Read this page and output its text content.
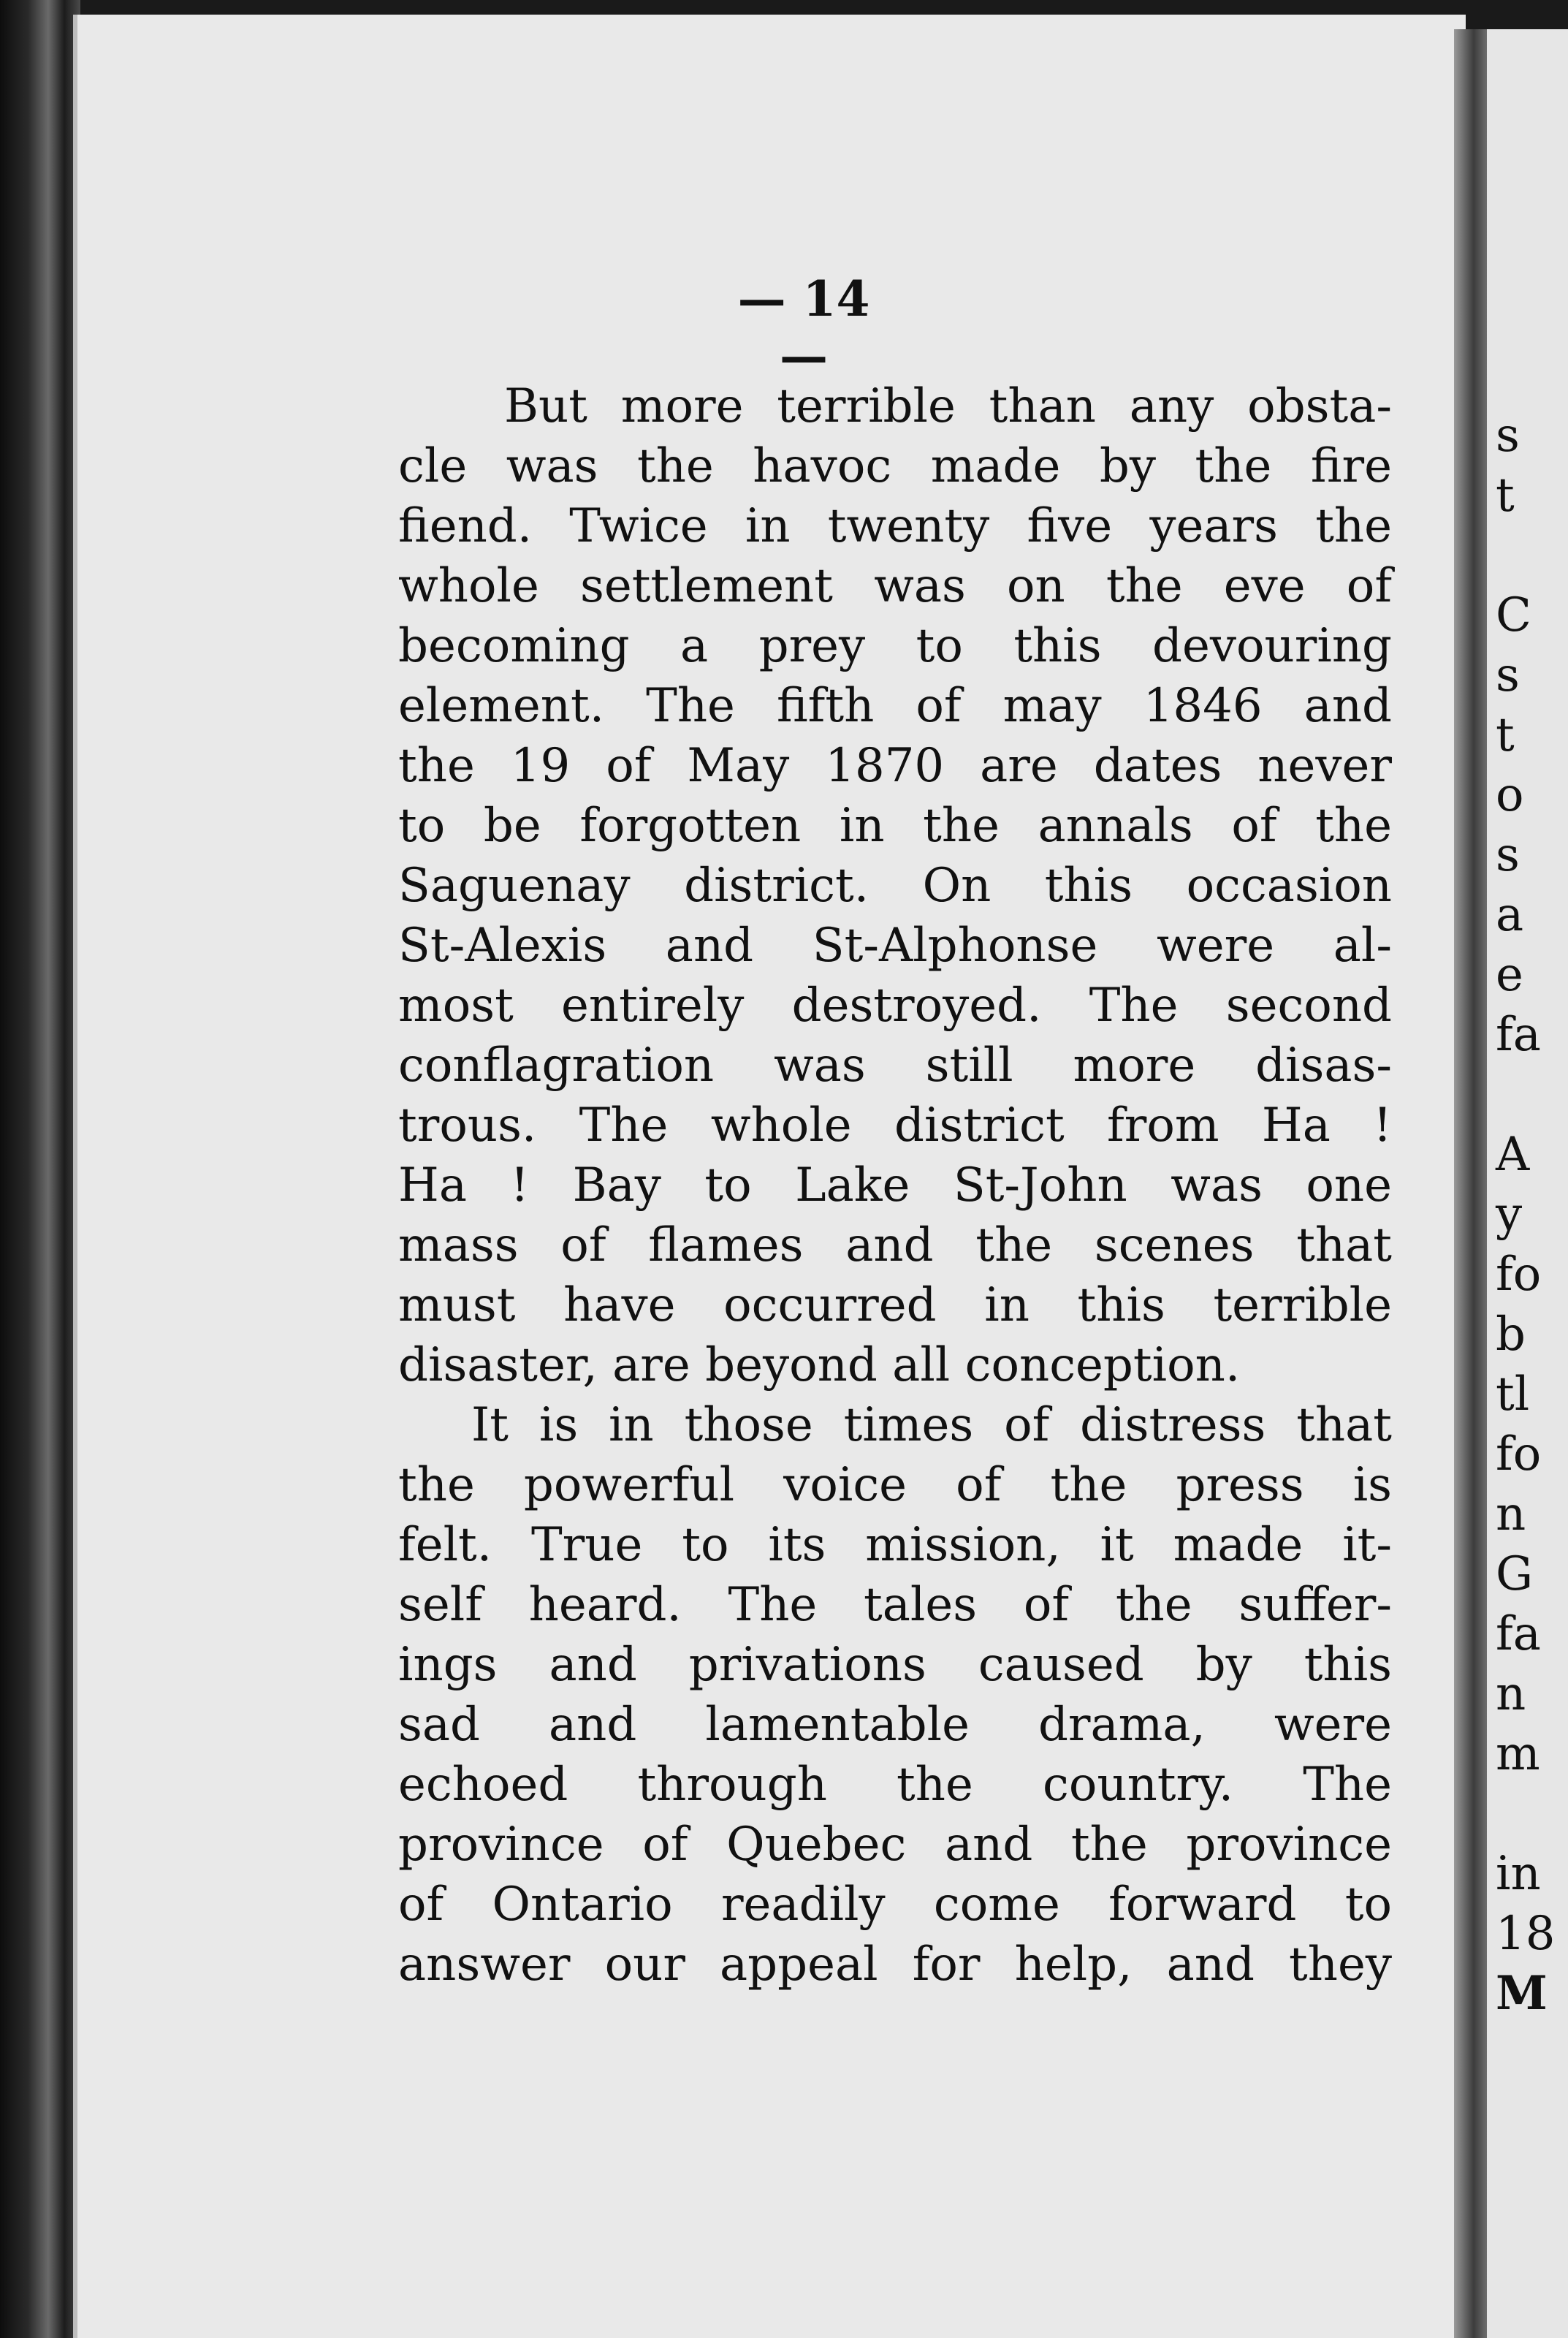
— 14 —
But more terrible than any obsta-
cle was the havoc made by the fire
fiend. Twice in twenty five years the
whole settlement was on the eve of
becoming a prey to this devouring
element. The fifth of may 1846 and
the 19 of May 1870 are dates never
to be forgotten in the annals of the
Saguenay district. On this occasion
St-Alexis and St-Alphonse were al-
most entirely destroyed. The second
conflagration was still more disas-
trous. The whole district from Ha !
Ha ! Bay to Lake St-John was one
mass of flames and the scenes that
must have occurred in this terrible
disaster, are beyond all conception.
It is in those times of distress that
the powerful voice of the press is
felt. True to its mission, it made it-
self heard. The tales of the suffer-
ings and privations caused by this
sad and lamentable drama, were
echoed through the country. The
province of Quebec and the province
of Ontario readily come forward to
answer our appeal for help, and they
s
t
C
s
t
o
s
a
e
fa
A
y
fo
b
tl
fo
n
G
fa
n
m
in
18
M
